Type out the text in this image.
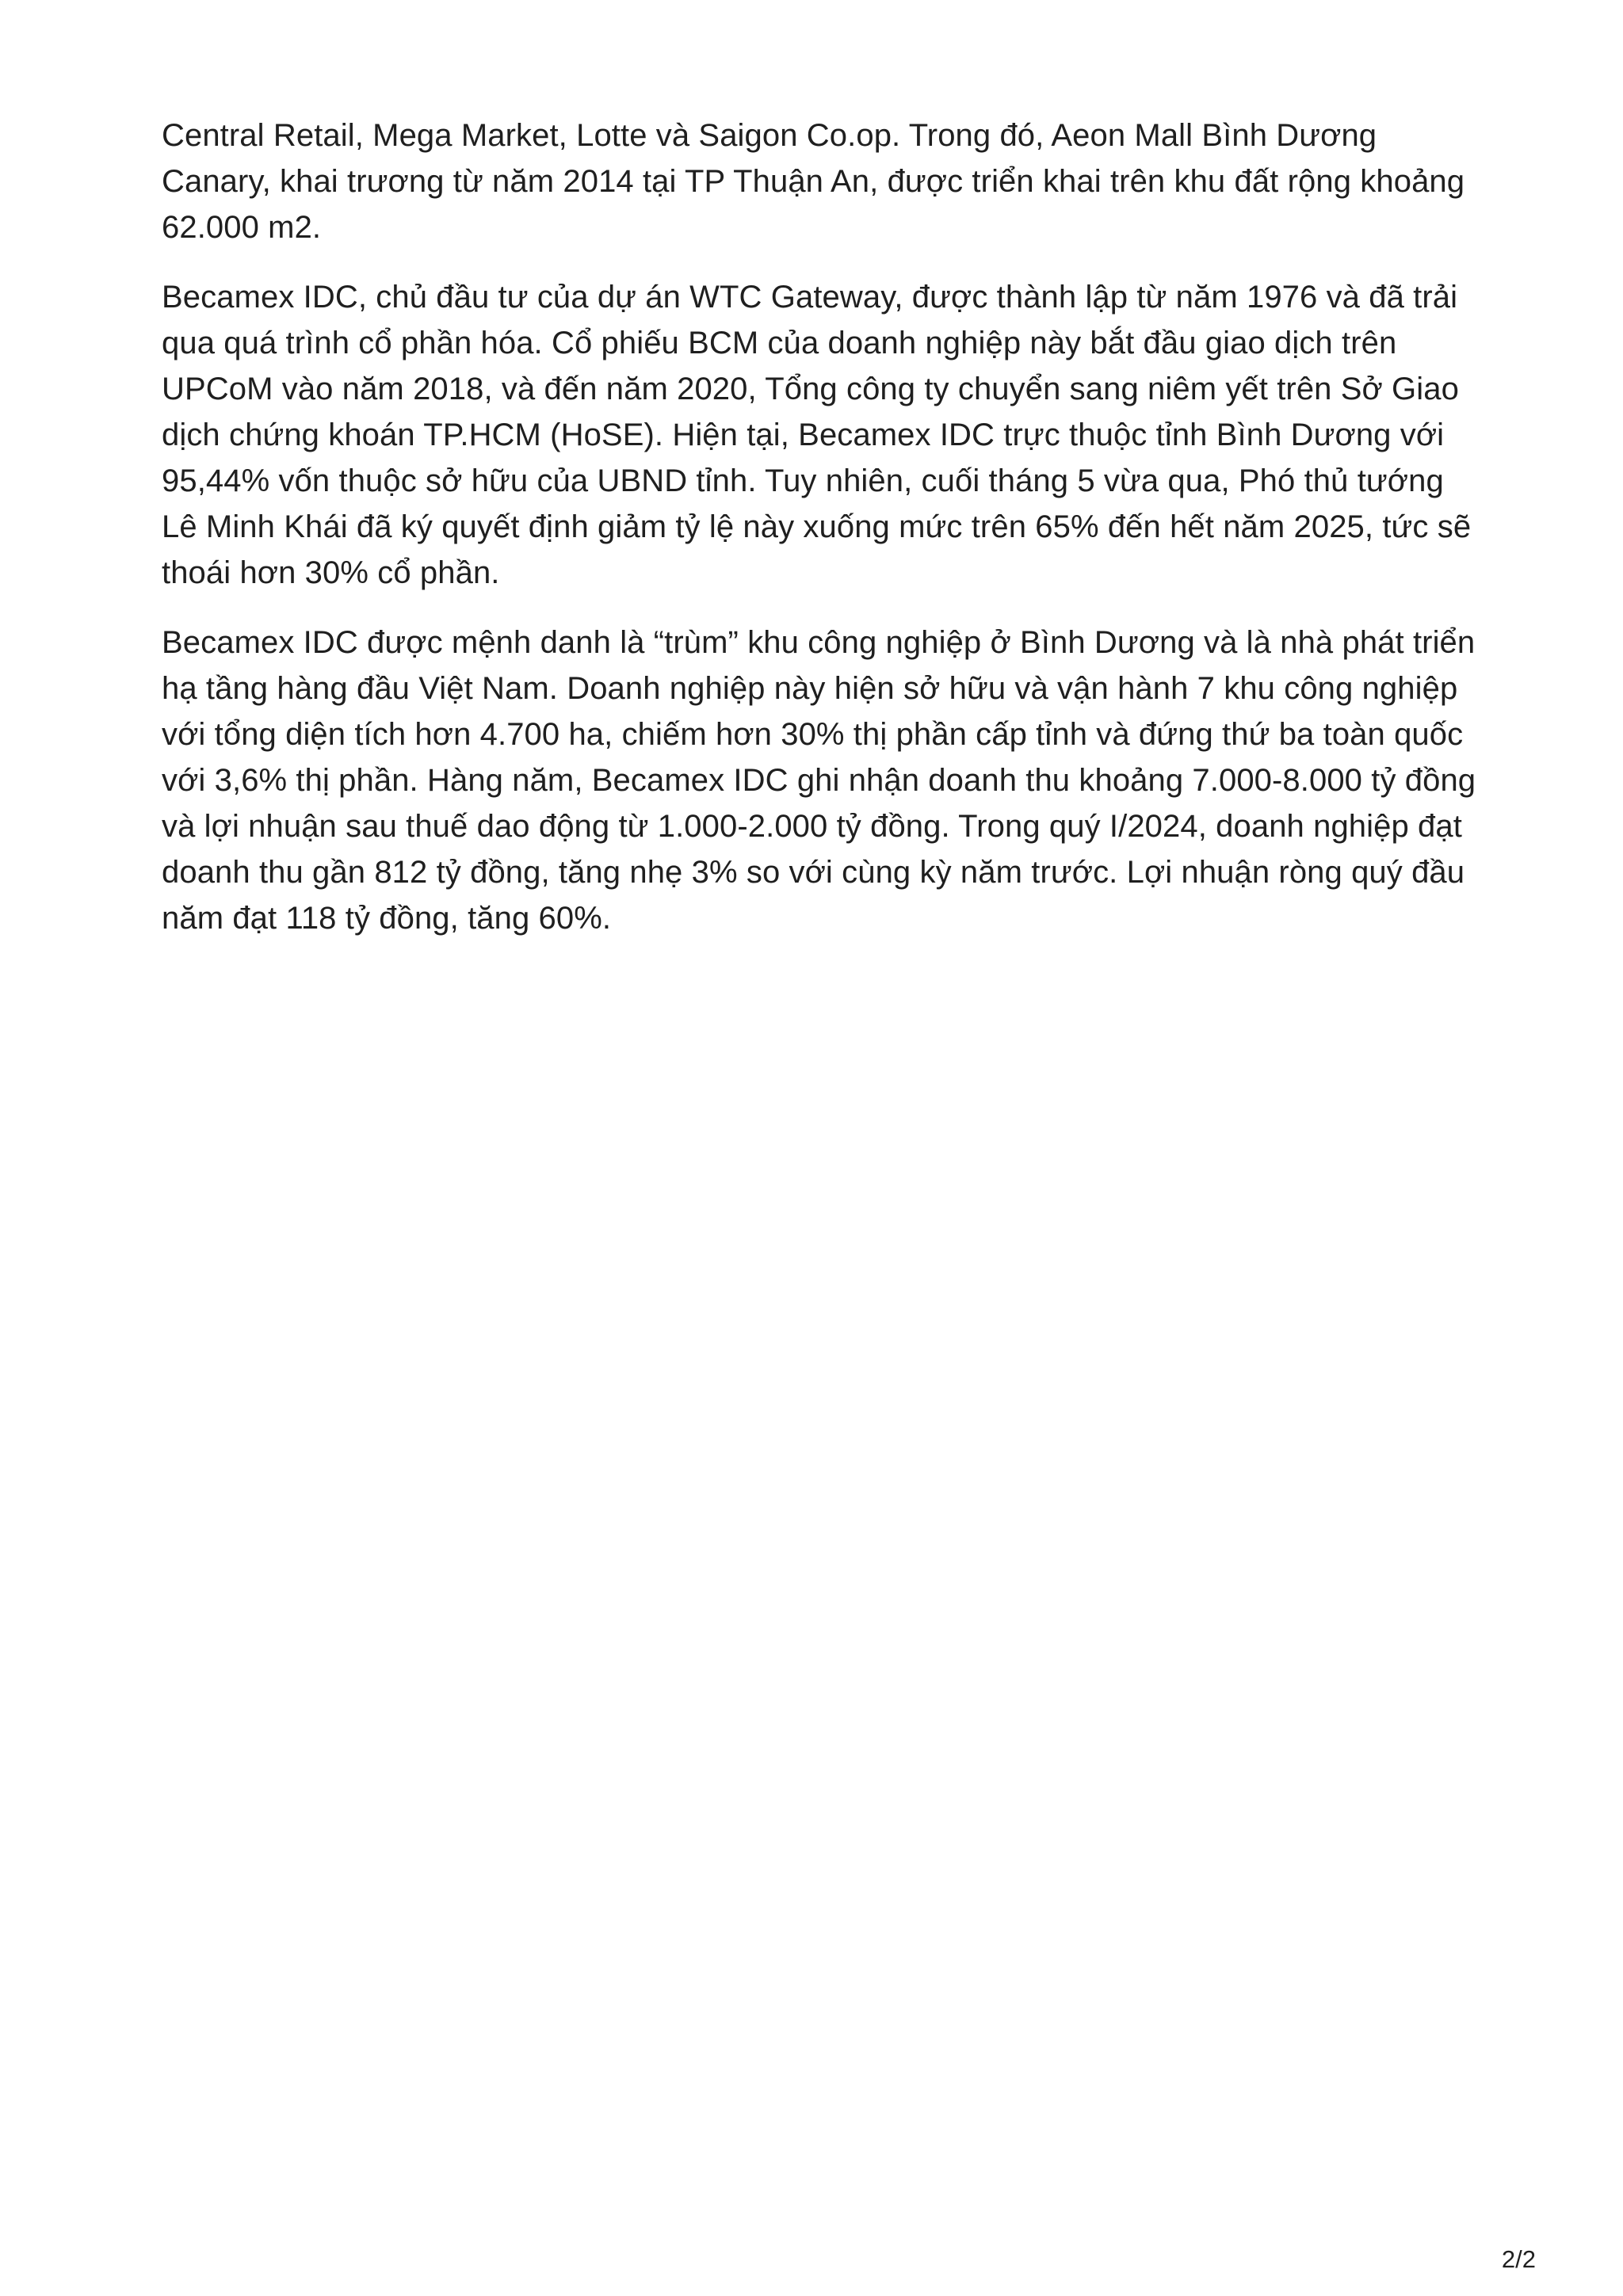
Central Retail, Mega Market, Lotte và Saigon Co.op. Trong đó, Aeon Mall Bình Dương Canary, khai trương từ năm 2014 tại TP Thuận An, được triển khai trên khu đất rộng khoảng 62.000 m2.

Becamex IDC, chủ đầu tư của dự án WTC Gateway, được thành lập từ năm 1976 và đã trải qua quá trình cổ phần hóa. Cổ phiếu BCM của doanh nghiệp này bắt đầu giao dịch trên UPCoM vào năm 2018, và đến năm 2020, Tổng công ty chuyển sang niêm yết trên Sở Giao dịch chứng khoán TP.HCM (HoSE). Hiện tại, Becamex IDC trực thuộc tỉnh Bình Dương với 95,44% vốn thuộc sở hữu của UBND tỉnh. Tuy nhiên, cuối tháng 5 vừa qua, Phó thủ tướng Lê Minh Khái đã ký quyết định giảm tỷ lệ này xuống mức trên 65% đến hết năm 2025, tức sẽ thoái hơn 30% cổ phần.

Becamex IDC được mệnh danh là “trùm” khu công nghiệp ở Bình Dương và là nhà phát triển hạ tầng hàng đầu Việt Nam. Doanh nghiệp này hiện sở hữu và vận hành 7 khu công nghiệp với tổng diện tích hơn 4.700 ha, chiếm hơn 30% thị phần cấp tỉnh và đứng thứ ba toàn quốc với 3,6% thị phần. Hàng năm, Becamex IDC ghi nhận doanh thu khoảng 7.000-8.000 tỷ đồng và lợi nhuận sau thuế dao động từ 1.000-2.000 tỷ đồng. Trong quý I/2024, doanh nghiệp đạt doanh thu gần 812 tỷ đồng, tăng nhẹ 3% so với cùng kỳ năm trước. Lợi nhuận ròng quý đầu năm đạt 118 tỷ đồng, tăng 60%.

2/2
